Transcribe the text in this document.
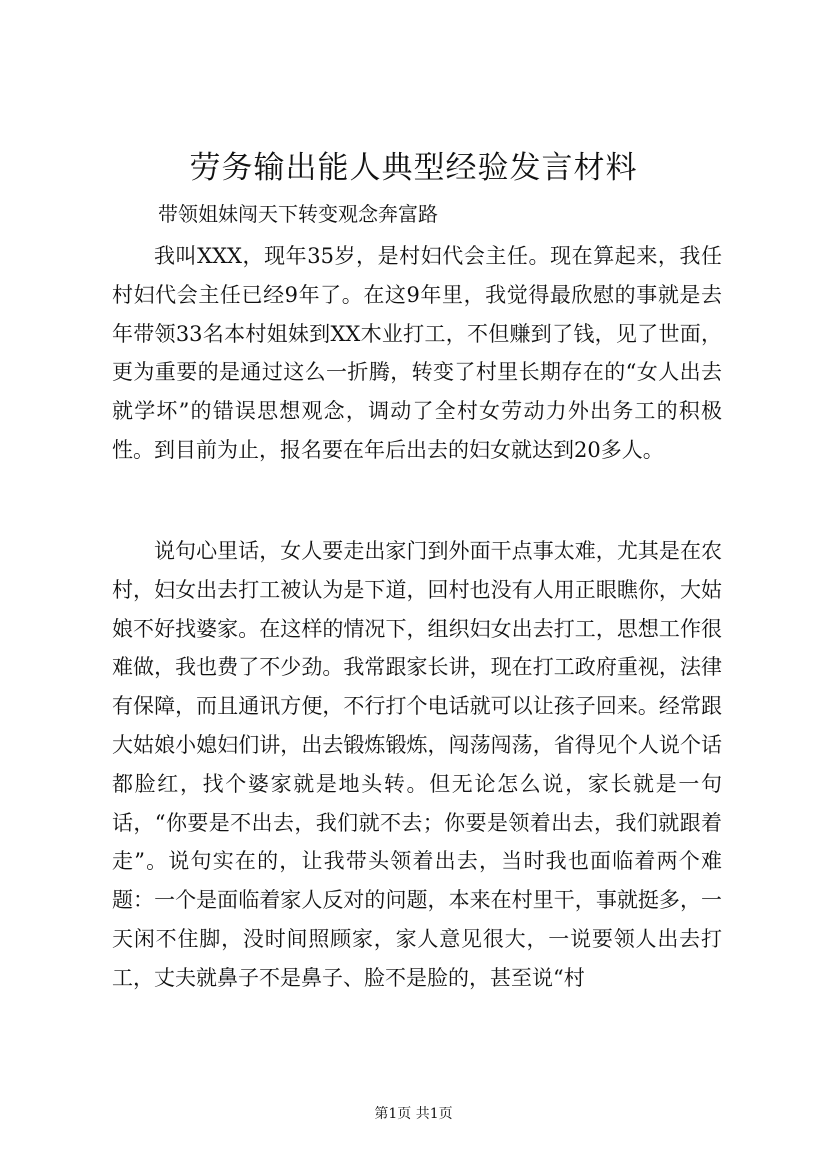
劳务输出能人典型经验发言材料

带领姐妹闯天下转变观念奔富路

我叫XXX，现年35岁，是村妇代会主任。现在算起来，我任村妇代会主任已经9年了。在这9年里，我觉得最欣慰的事就是去年带领33名本村姐妹到XX木业打工，不但赚到了钱，见了世面，更为重要的是通过这么一折腾，转变了村里长期存在的“女人出去就学坏”的错误思想观念，调动了全村女劳动力外出务工的积极性。到目前为止，报名要在年后出去的妇女就达到20多人。

说句心里话，女人要走出家门到外面干点事太难，尤其是在农村，妇女出去打工被认为是下道，回村也没有人用正眼瞧你，大姑娘不好找婆家。在这样的情况下，组织妇女出去打工，思想工作很难做，我也费了不少劲。我常跟家长讲，现在打工政府重视，法律有保障，而且通讯方便，不行打个电话就可以让孩子回来。经常跟大姑娘小媳妇们讲，出去锻炼锻炼，闯荡闯荡，省得见个人说个话都脸红，找个婆家就是地头转。但无论怎么说，家长就是一句话，“你要是不出去，我们就不去；你要是领着出去，我们就跟着走”。说句实在的，让我带头领着出去，当时我也面临着两个难题：一个是面临着家人反对的问题，本来在村里干，事就挺多，一天闲不住脚，没时间照顾家，家人意见很大，一说要领人出去打工，丈夫就鼻子不是鼻子、脸不是脸的，甚至说“村

第1页 共1页
